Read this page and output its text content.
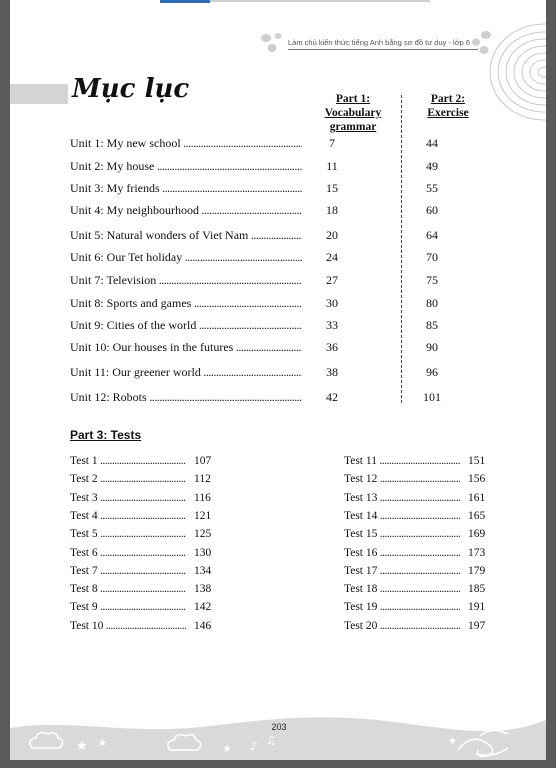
Làm chủ kiến thức tiếng Anh bằng sơ đồ tư duy - lớp 6
Mục lục	Part 1: Vocabulary grammar
Part 2: Exercise
Unit 1: My new school .....	7	44
Unit 2: My house .....	11	49
Unit 3: My friends .....	15	55
Unit 4: My neighbourhood .....	18	60
Unit 5: Natural wonders of Viet Nam .....	20	64
Unit 6: Our Tet holiday .....	24	70
Unit 7: Television .....	27	75
Unit 8: Sports and games .....	30	80
Unit 9: Cities of the world .....	33	85
Unit 10: Our houses in the futures .....	36	90
Unit 11: Our greener world .....	38	96
Unit 12: Robots .....	42	101
Part 3: Tests
Test 1 .....	107
Test 2 .....	112
Test 3 .....	116
Test 4 .....	121
Test 5 .....	125
Test 6 .....	130
Test 7 .....	134
Test 8 .....	138
Test 9 .....	142
Test 10 .....	146
Test 11 .....	151
Test 12 .....	156
Test 13 .....	161
Test 14 .....	165
Test 15 .....	169
Test 16 .....	173
Test 17 .....	179
Test 18 .....	185
Test 19 .....	191
Test 20 .....	197
★ ★	★
★
♪ ♫
203
